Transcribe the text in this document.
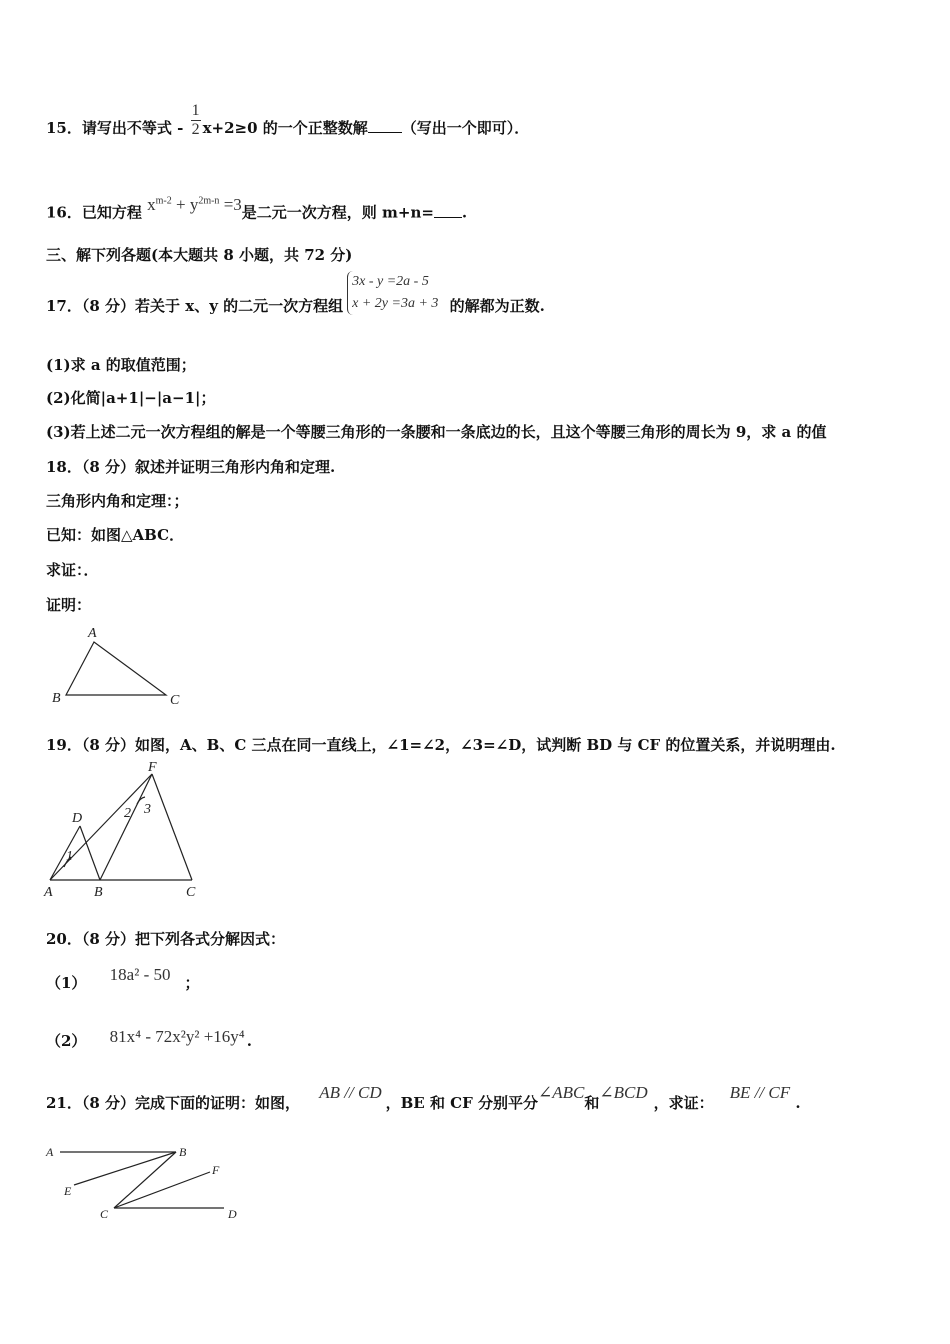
15．请写出不等式 - $\frac{1}{2} x+2\ge 0$ 的一个正整数解 （写出一个即可）．
16．已知方程 $x^{m-2} + y^{2m-n} =3$是二元一次方程，则 m+n= .
三、解下列各题(本大题共 8 小题，共 72 分)
17．（8 分）若关于 x、y 的二元一次方程组
3x - y =2a - 5
x + 2y =3a + 3 的解都为正数.
(1)求 a 的取值范围；
(2)化简|a+1|−|a−1|；
(3)若上述二元一次方程组的解是一个等腰三角形的一条腰和一条底边的长，且这个等腰三角形的周长为 9，求 a 的值
18．（8 分）叙述并证明三角形内角和定理.
三角形内角和定理：；
已知：如图△ABC．
求证：．
证明：
A
B	C
19．（8 分）如图，A、B、C 三点在同一直线上，∠1=∠2，∠3=∠D，试判断 BD 与 CF 的位置关系，并说明理由.
F
D
A	B	C
1
2 3
20．（8 分）把下列各式分解因式：
（1） 18a² - 50 ；
（2） 81x⁴ - 72x²y² +16y⁴ .
21．（8 分）完成下面的证明：如图， AB // CD，BE 和 CF 分别平分∠ABC和∠BCD，求证：BE // CF .
A	B
E
F
C	D
